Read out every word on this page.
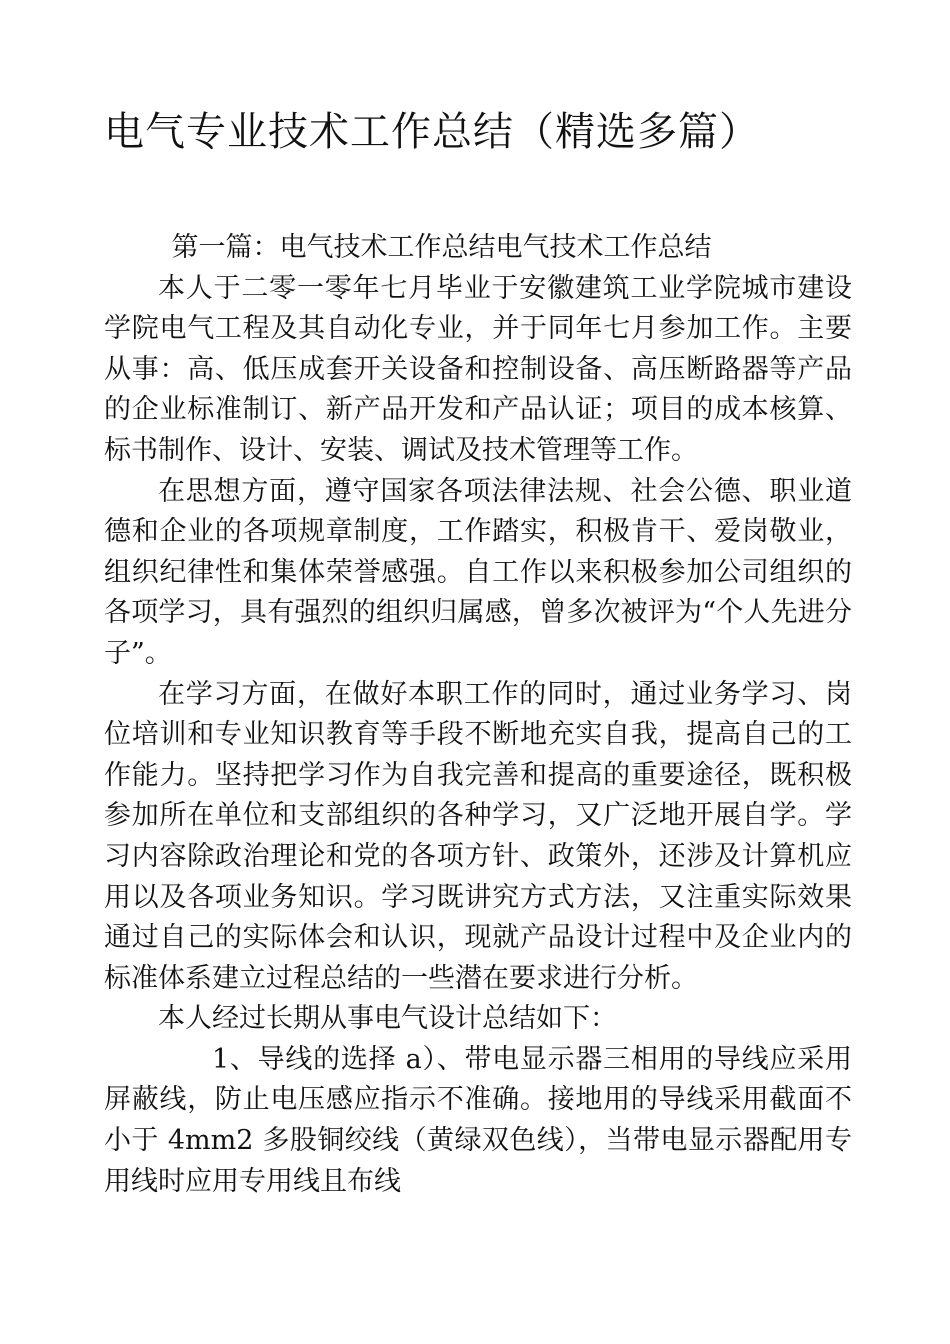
电气专业技术工作总结（精选多篇）

第一篇：电气技术工作总结电气技术工作总结

本人于二零一零年七月毕业于安徽建筑工业学院城市建设学院电气工程及其自动化专业，并于同年七月参加工作。主要从事：高、低压成套开关设备和控制设备、高压断路器等产品的企业标准制订、新产品开发和产品认证；项目的成本核算、标书制作、设计、安装、调试及技术管理等工作。

在思想方面，遵守国家各项法律法规、社会公德、职业道德和企业的各项规章制度，工作踏实，积极肯干、爱岗敬业，组织纪律性和集体荣誉感强。自工作以来积极参加公司组织的各项学习，具有强烈的组织归属感，曾多次被评为“个人先进分子”。

在学习方面，在做好本职工作的同时，通过业务学习、岗位培训和专业知识教育等手段不断地充实自我，提高自己的工作能力。坚持把学习作为自我完善和提高的重要途径，既积极参加所在单位和支部组织的各种学习，又广泛地开展自学。学习内容除政治理论和党的各项方针、政策外，还涉及计算机应用以及各项业务知识。学习既讲究方式方法，又注重实际效果通过自己的实际体会和认识，现就产品设计过程中及企业内的标准体系建立过程总结的一些潜在要求进行分析。

本人经过长期从事电气设计总结如下：

1、导线的选择 a）、带电显示器三相用的导线应采用屏蔽线，防止电压感应指示不准确。接地用的导线采用截面不小于 4mm2 多股铜绞线（黄绿双色线），当带电显示器配用专用线时应用专用线且布线
